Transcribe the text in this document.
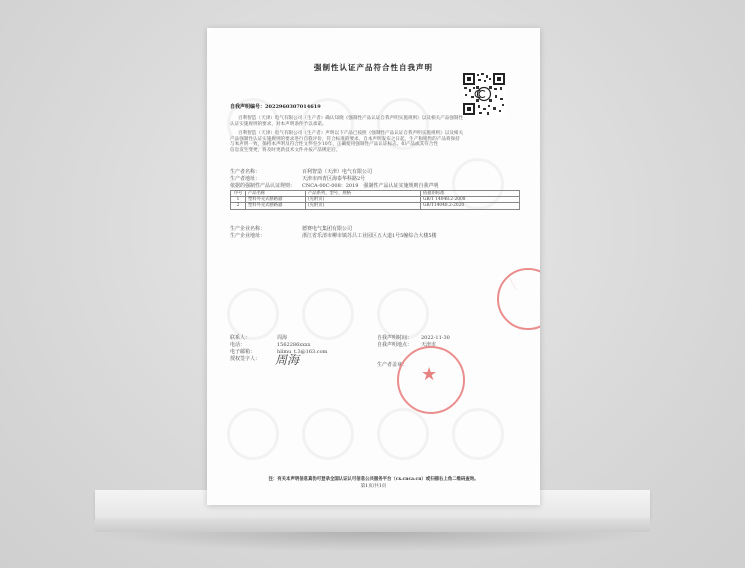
强制性认证产品符合性自我声明
自我声明编号：2022960307014619
百利智造（天津）电气有限公司（生产者）确认知晓《强制性产品认证自我声明实施规则》以及相关产品强制性
认证实施规则的要求，对本声明条件予以承诺。
百利智造（天津）电气有限公司（生产者）声明以下产品已按照《强制性产品认证自我声明实施规则》以及相关
产品强制性认证实施规则的要求进行自我评价，符合标准的要求。自本声明发布之日起，生产和销售的产品将保持
与本声明一致，保持本声明及符合性文件至少10年，正确使用强制性产品认证标志，如产品或其符合性
信息发生变更，将及时更新技术文件并按产品规定后。
生产者名称：	百利智造（天津）电气有限公司
生产者地址：	天津市西青区海泰华科路2号
依据的强制性产品认证规则： CNCA-00C-008：2019　强制性产品认证实施规则自我声明
序号	产品名称	产品系列、型号、规格	依据的标准
1	塑料外壳式断路器	(见附页)	GB/T 14048.2-2008
2	塑料外壳式断路器	(见附页)	GB/T14048.2-2020
生产企业名称：	德赛电气集团有限公司
生产企业地址：	浙江省乐清市柳市镇苏吕工业园区五大道1号5幢综合大楼5楼
﹏﹏﹏
联系人：	周海
电话：	1562286xxxx
电子邮箱：	hlimu_t.3@163.com
授权签字人： 周海
自我声明时间： 2022-11-30
自我声明地点： 天津市
生产者盖章： ★
注：有关本声明信息真伪可登录全国认证认可信息公共服务平台（cx.cnca.cn）或扫描右上角二维码查询。
第1页/共1页
